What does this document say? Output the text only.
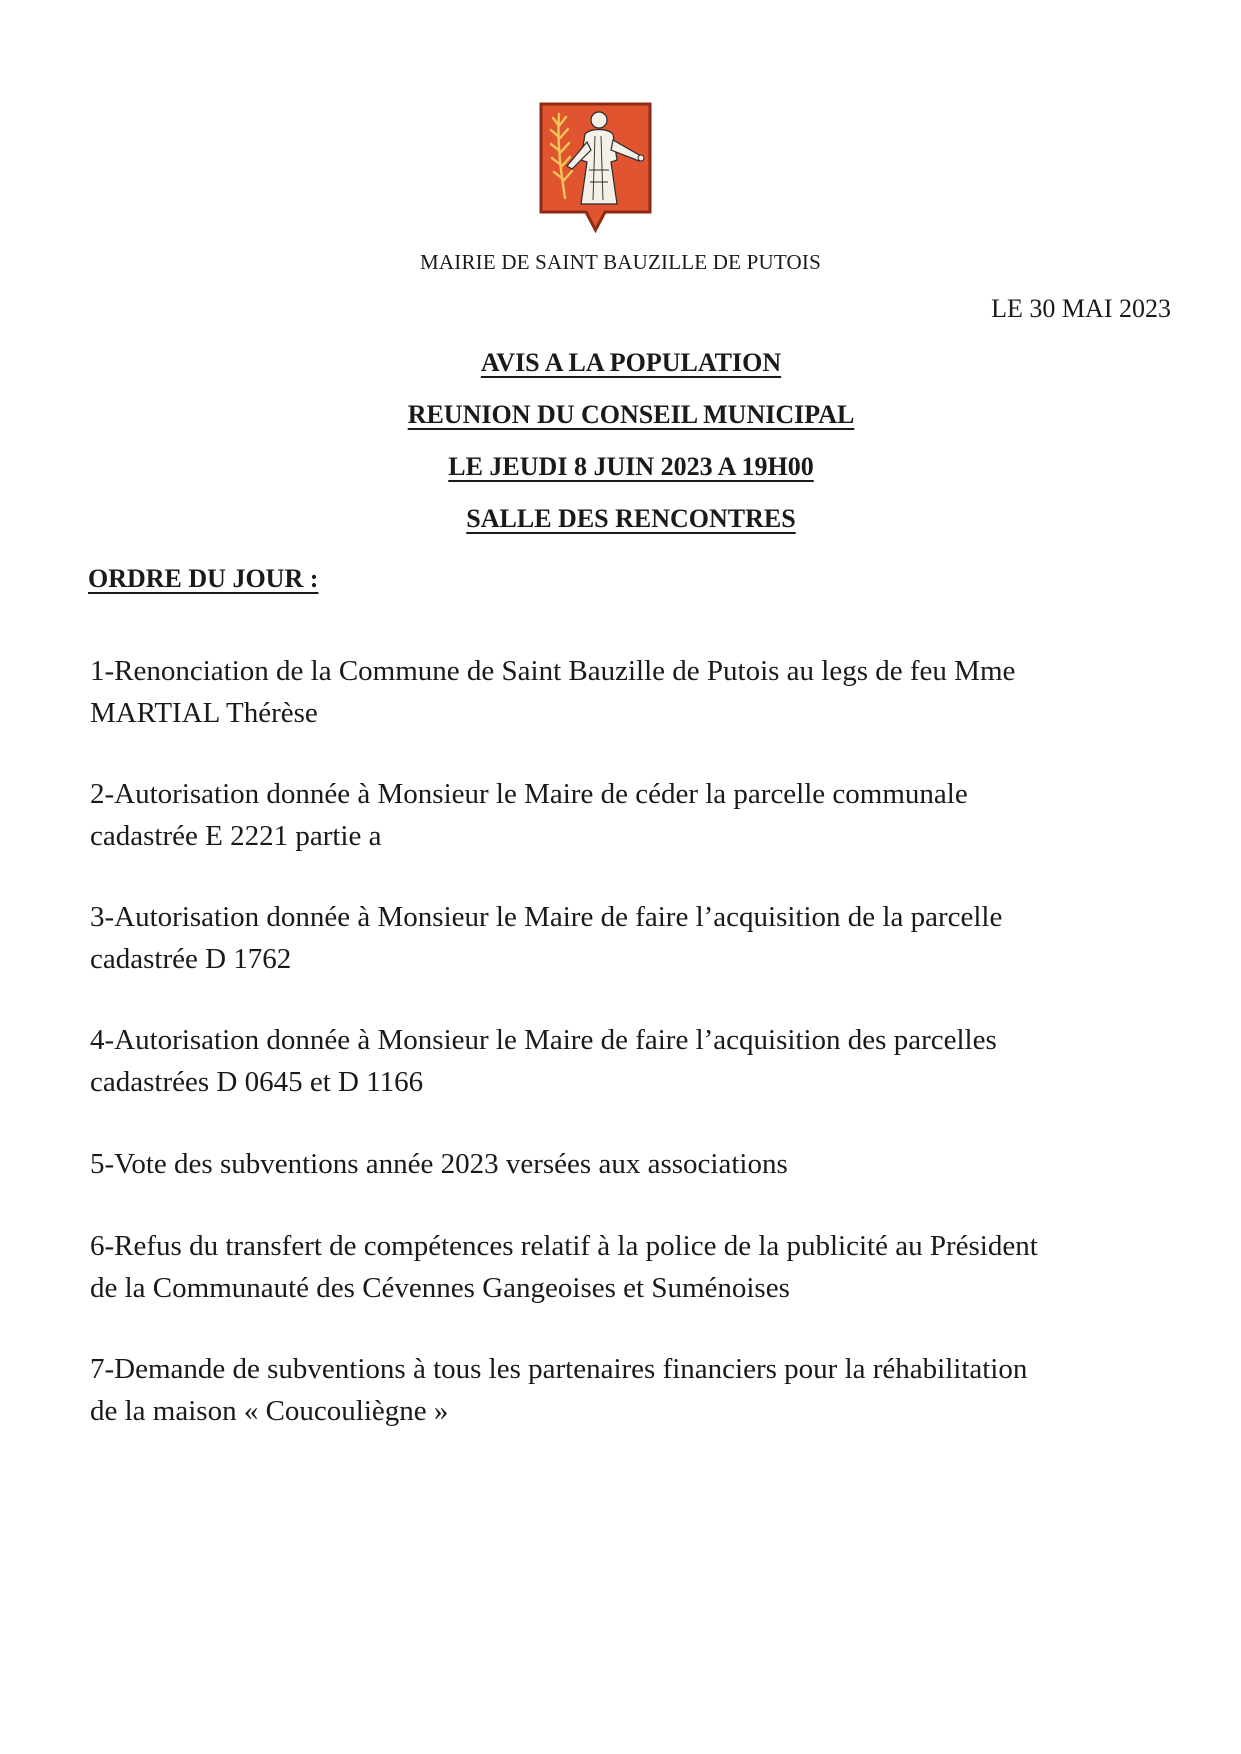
MAIRIE DE SAINT BAUZILLE DE PUTOIS
LE 30 MAI 2023
AVIS A LA POPULATION
REUNION DU CONSEIL MUNICIPAL
LE JEUDI 8 JUIN 2023 A 19H00
SALLE DES RENCONTRES
ORDRE DU JOUR :

1-Renonciation de la Commune de Saint Bauzille de Putois au legs de feu Mme

MARTIAL Thérèse

2-Autorisation donnée à Monsieur le Maire de céder la parcelle communale

cadastrée E 2221 partie a

3-Autorisation donnée à Monsieur le Maire de faire l’acquisition de la parcelle

cadastrée D 1762

4-Autorisation donnée à Monsieur le Maire de faire l’acquisition des parcelles

cadastrées D 0645 et D 1166

5-Vote des subventions année 2023 versées aux associations

6-Refus du transfert de compétences relatif à la police de la publicité au Président

de la Communauté des Cévennes Gangeoises et Suménoises

7-Demande de subventions à tous les partenaires financiers pour la réhabilitation

de la maison « Coucouliègne »
